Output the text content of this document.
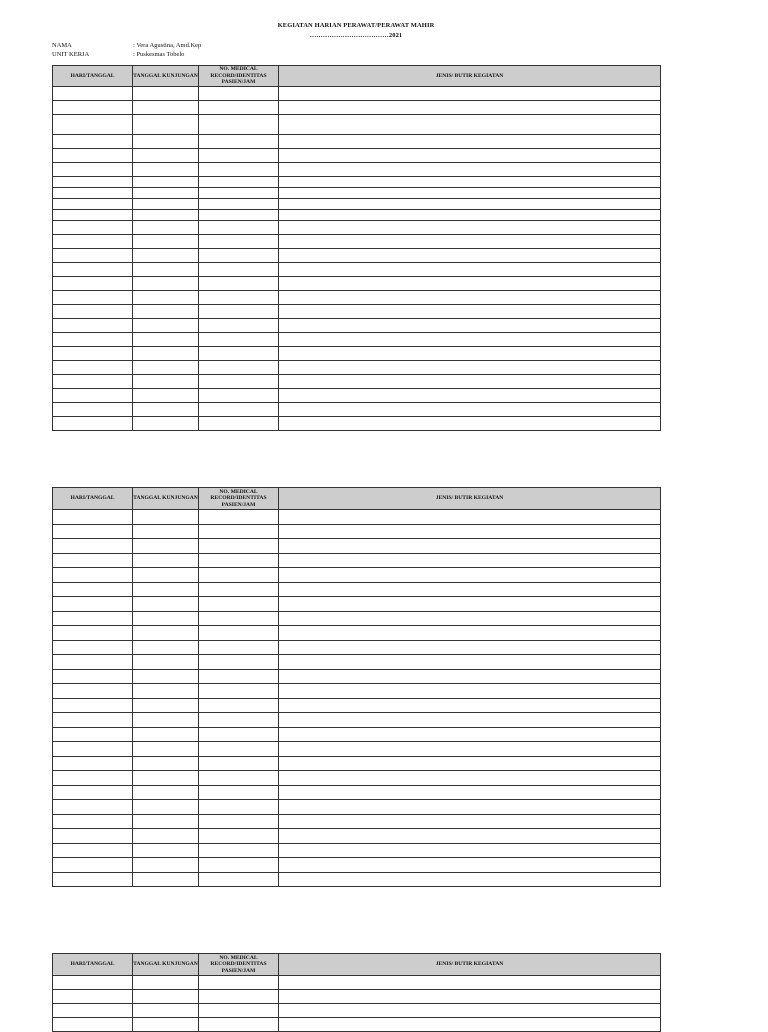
KEGIATAN HARIAN PERAWAT/PERAWAT MAHIR
………………………………2021
NAMA	: Vera Agustina, Amd.Kep
UNIT KERJA	: Puskesmas Tobelo
HARI/TANGGAL	TANGGAL KUNJUNGAN	NO. MEDICAL RECORD/IDENTITAS PASIEN/JAM	JENIS/ BUTIR KEGIATAN

HARI/TANGGAL	TANGGAL KUNJUNGAN	NO. MEDICAL RECORD/IDENTITAS PASIEN/JAM	JENIS/ BUTIR KEGIATAN

HARI/TANGGAL	TANGGAL KUNJUNGAN	NO. MEDICAL RECORD/IDENTITAS PASIEN/JAM	JENIS/ BUTIR KEGIATAN
